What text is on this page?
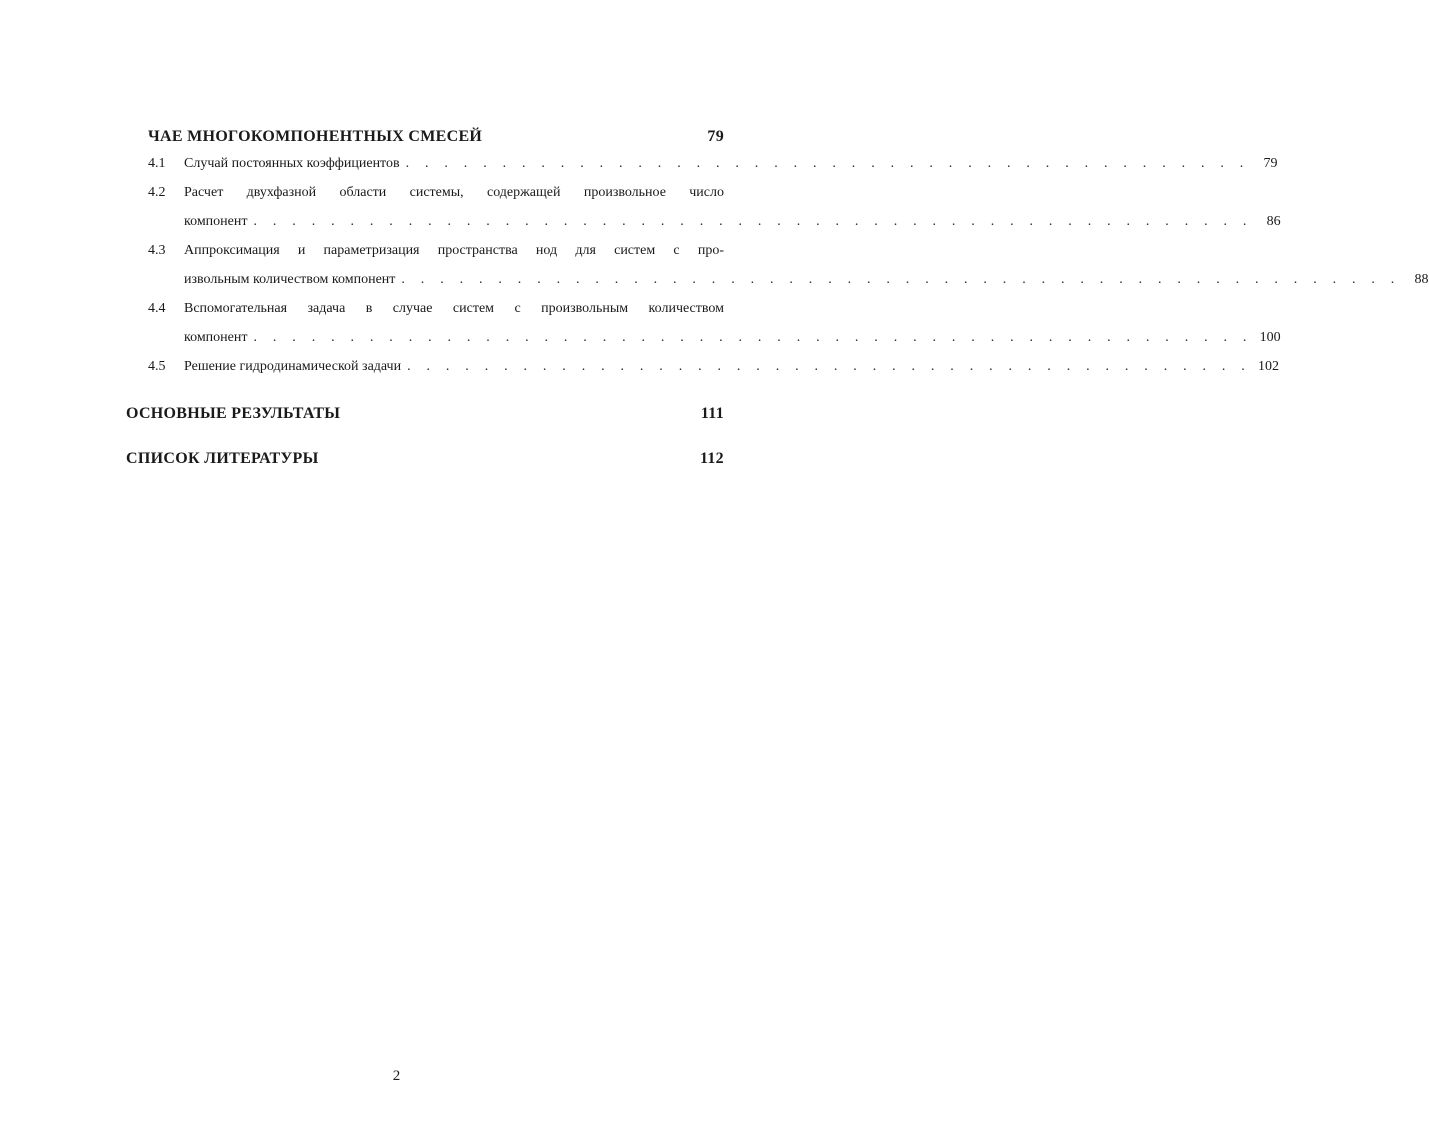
ЧАЕ МНОГОКОМПОНЕНТНЫХ СМЕСЕЙ	79
4.1	Случай постоянных коэффициентов . . . . . . . . . . . . . . . . . . . . . . . . . . . . . . . . . . . . . . . . . . . .	79
4.2	Расчет двухфазной области системы, содержащей произвольное число
компонент . . . . . . . . . . . . . . . . . . . . . . . . . . . . . . . . . . . . . . . . . . . . . . . . . . . .	86
4.3	Аппроксимация и параметризация пространства нод для систем с про-
извольным количеством компонент . . . . . . . . . . . . . . . . . . . . . . . . . . . . . . . . . . . . . . . . . . . . . . . . . . . .	88
4.4	Вспомогательная задача в случае систем с произвольным количеством
компонент . . . . . . . . . . . . . . . . . . . . . . . . . . . . . . . . . . . . . . . . . . . . . . . . . . . . 100
4.5	Решение гидродинамической задачи . . . . . . . . . . . . . . . . . . . . . . . . . . . . . . . . . . . . . . . . . . . . 102
ОСНОВНЫЕ РЕЗУЛЬТАТЫ	111
СПИСОК ЛИТЕРАТУРЫ	112
2
